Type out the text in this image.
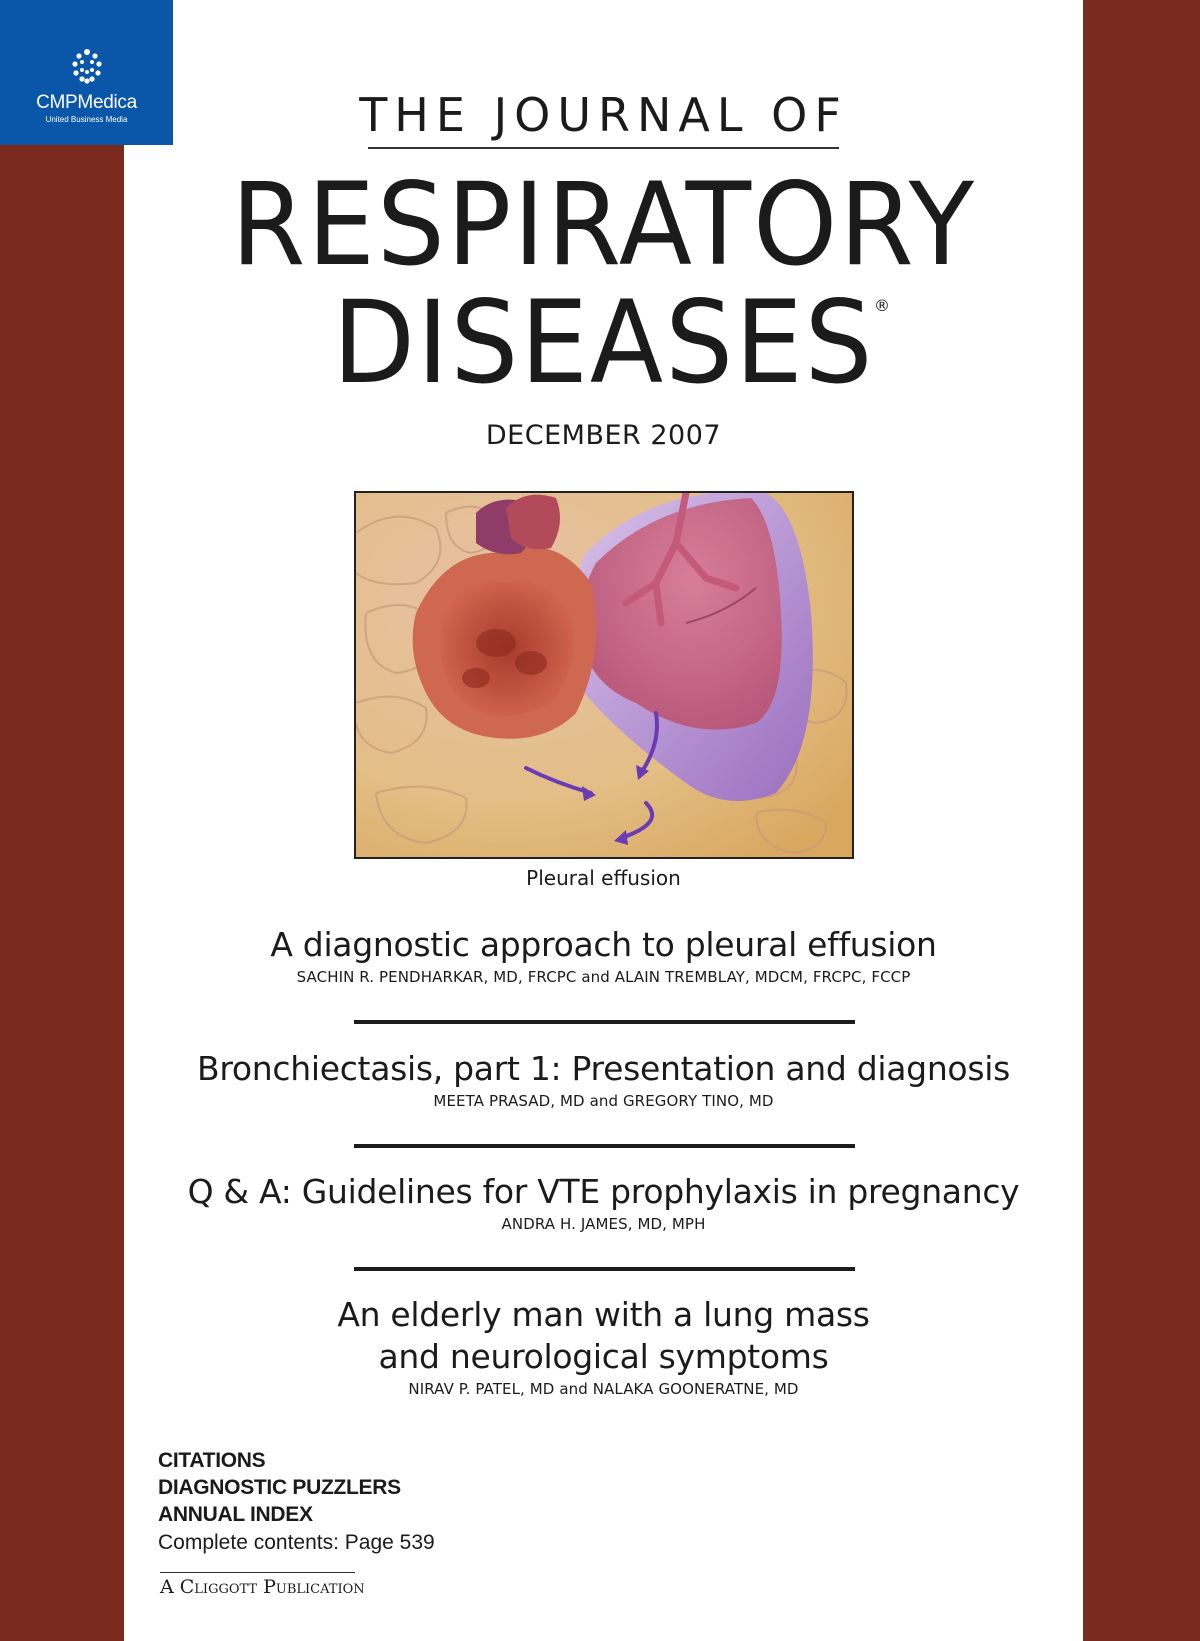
CMPMedica
United Business Media	THE JOURNAL OF
RESPIRATORY
DISEASES ®
DECEMBER 2007
Pleural effusion
A diagnostic approach to pleural effusion
SACHIN R. PENDHARKAR, MD, FRCPC and ALAIN TREMBLAY, MDCM, FRCPC, FCCP
Bronchiectasis, part 1: Presentation and diagnosis
MEETA PRASAD, MD and GREGORY TINO, MD
Q & A: Guidelines for VTE prophylaxis in pregnancy
ANDRA H. JAMES, MD, MPH
An elderly man with a lung mass
and neurological symptoms
NIRAV P. PATEL, MD and NALAKA GOONERATNE, MD
CITATIONS
DIAGNOSTIC PUZZLERS
ANNUAL INDEX
Complete contents: Page 539
A Cliggott Publication
